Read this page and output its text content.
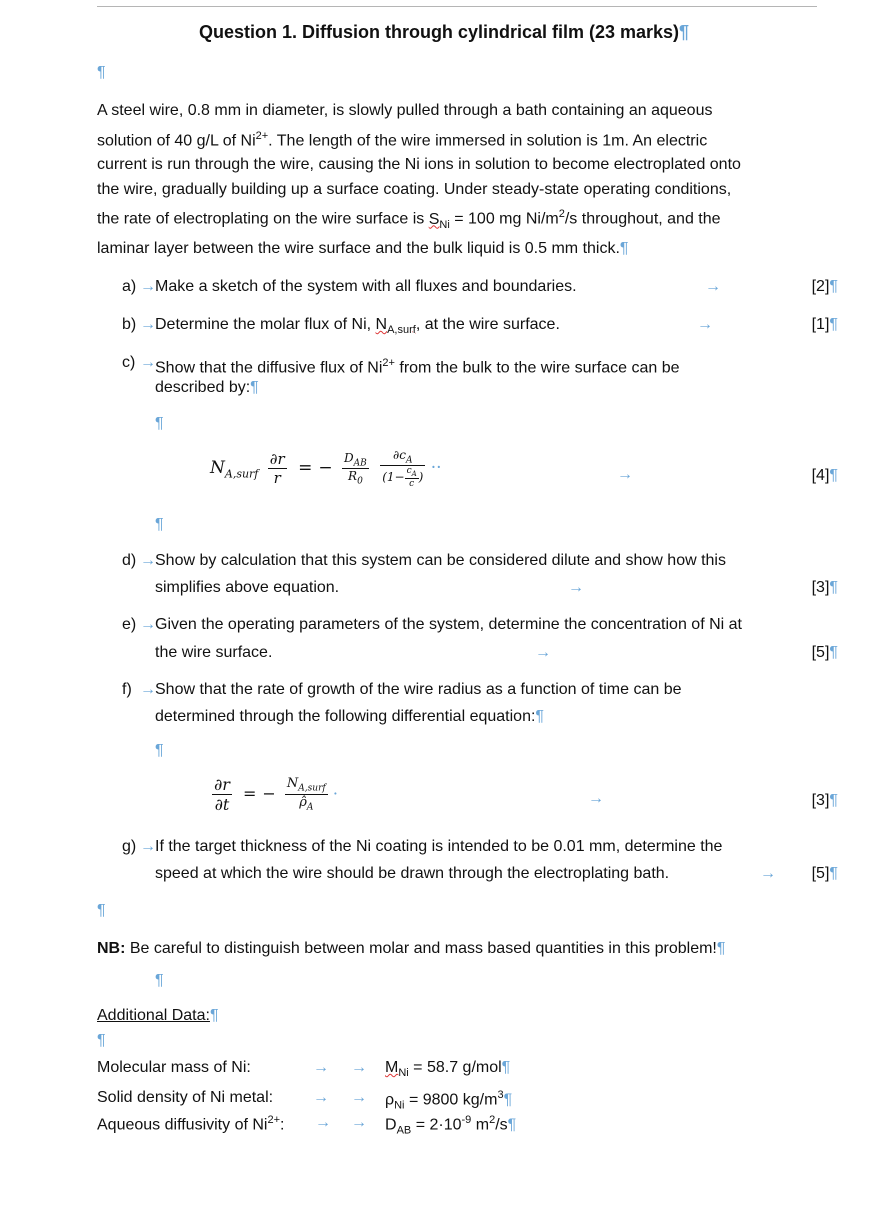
Question 1. Diffusion through cylindrical film (23 marks)¶
¶
A steel wire, 0.8 mm in diameter, is slowly pulled through a bath containing an aqueous
solution of 40 g/L of $Ni^{2+}$. The length of the wire immersed in solution is 1m. An electric
current is run through the wire, causing the Ni ions in solution to become electroplated onto
the wire, gradually building up a surface coating. Under steady-state operating conditions,
the rate of electroplating on the wire surface is $S_{Ni} = 100$ mg $Ni/m^2/s$ throughout, and the
laminar layer between the wire surface and the bulk liquid is 0.5 mm thick.¶
a) → Make a sketch of the system with all fluxes and boundaries.	→	[2]¶
b) → Determine the molar flux of Ni, $N_{A,surf}$, at the wire surface.	→	[1]¶
c) → Show that the diffusive flux of $Ni^{2+}$ from the bulk to the wire surface can be
described by:¶
¶
$N_{A,surf} \frac{\partial r}{r}$ = − $\frac{D_{AB}}{R_0}$
$\frac{\partial c_A}{(1- \frac{c_A}{c} )}$ ··	→	[4]¶
¶
d) → Show by calculation that this system can be considered dilute and show how this
simplifies above equation.	→	[3]¶
e) → Given the operating parameters of the system, determine the concentration of Ni at
the wire surface.	→	[5]¶
f) → Show that the rate of growth of the wire radius as a function of time can be
determined through the following differential equation:¶
¶
$\frac{\partial r}{\partial t}$ = − $\frac{N_{A,surf}}{\rhô_A}$ ·	→	[3]¶
g) → If the target thickness of the Ni coating is intended to be 0.01 mm, determine the
speed at which the wire should be drawn through the electroplating bath.	→ [5]¶
¶
NB: Be careful to distinguish between molar and mass based quantities in this problem!¶
¶
Additional Data:¶
¶
Molecular mass of Ni:	→ → $M_{Ni} = 58.7$ g/mol¶
Solid density of Ni metal: → → $\rho_{Ni} = 9800$ $kg/m^3\P$
Aqueous diffusivity of $Ni^{2+}$: → → $D_{AB} = 2\cdot 10^{-9}$ $m^2/s\P$
